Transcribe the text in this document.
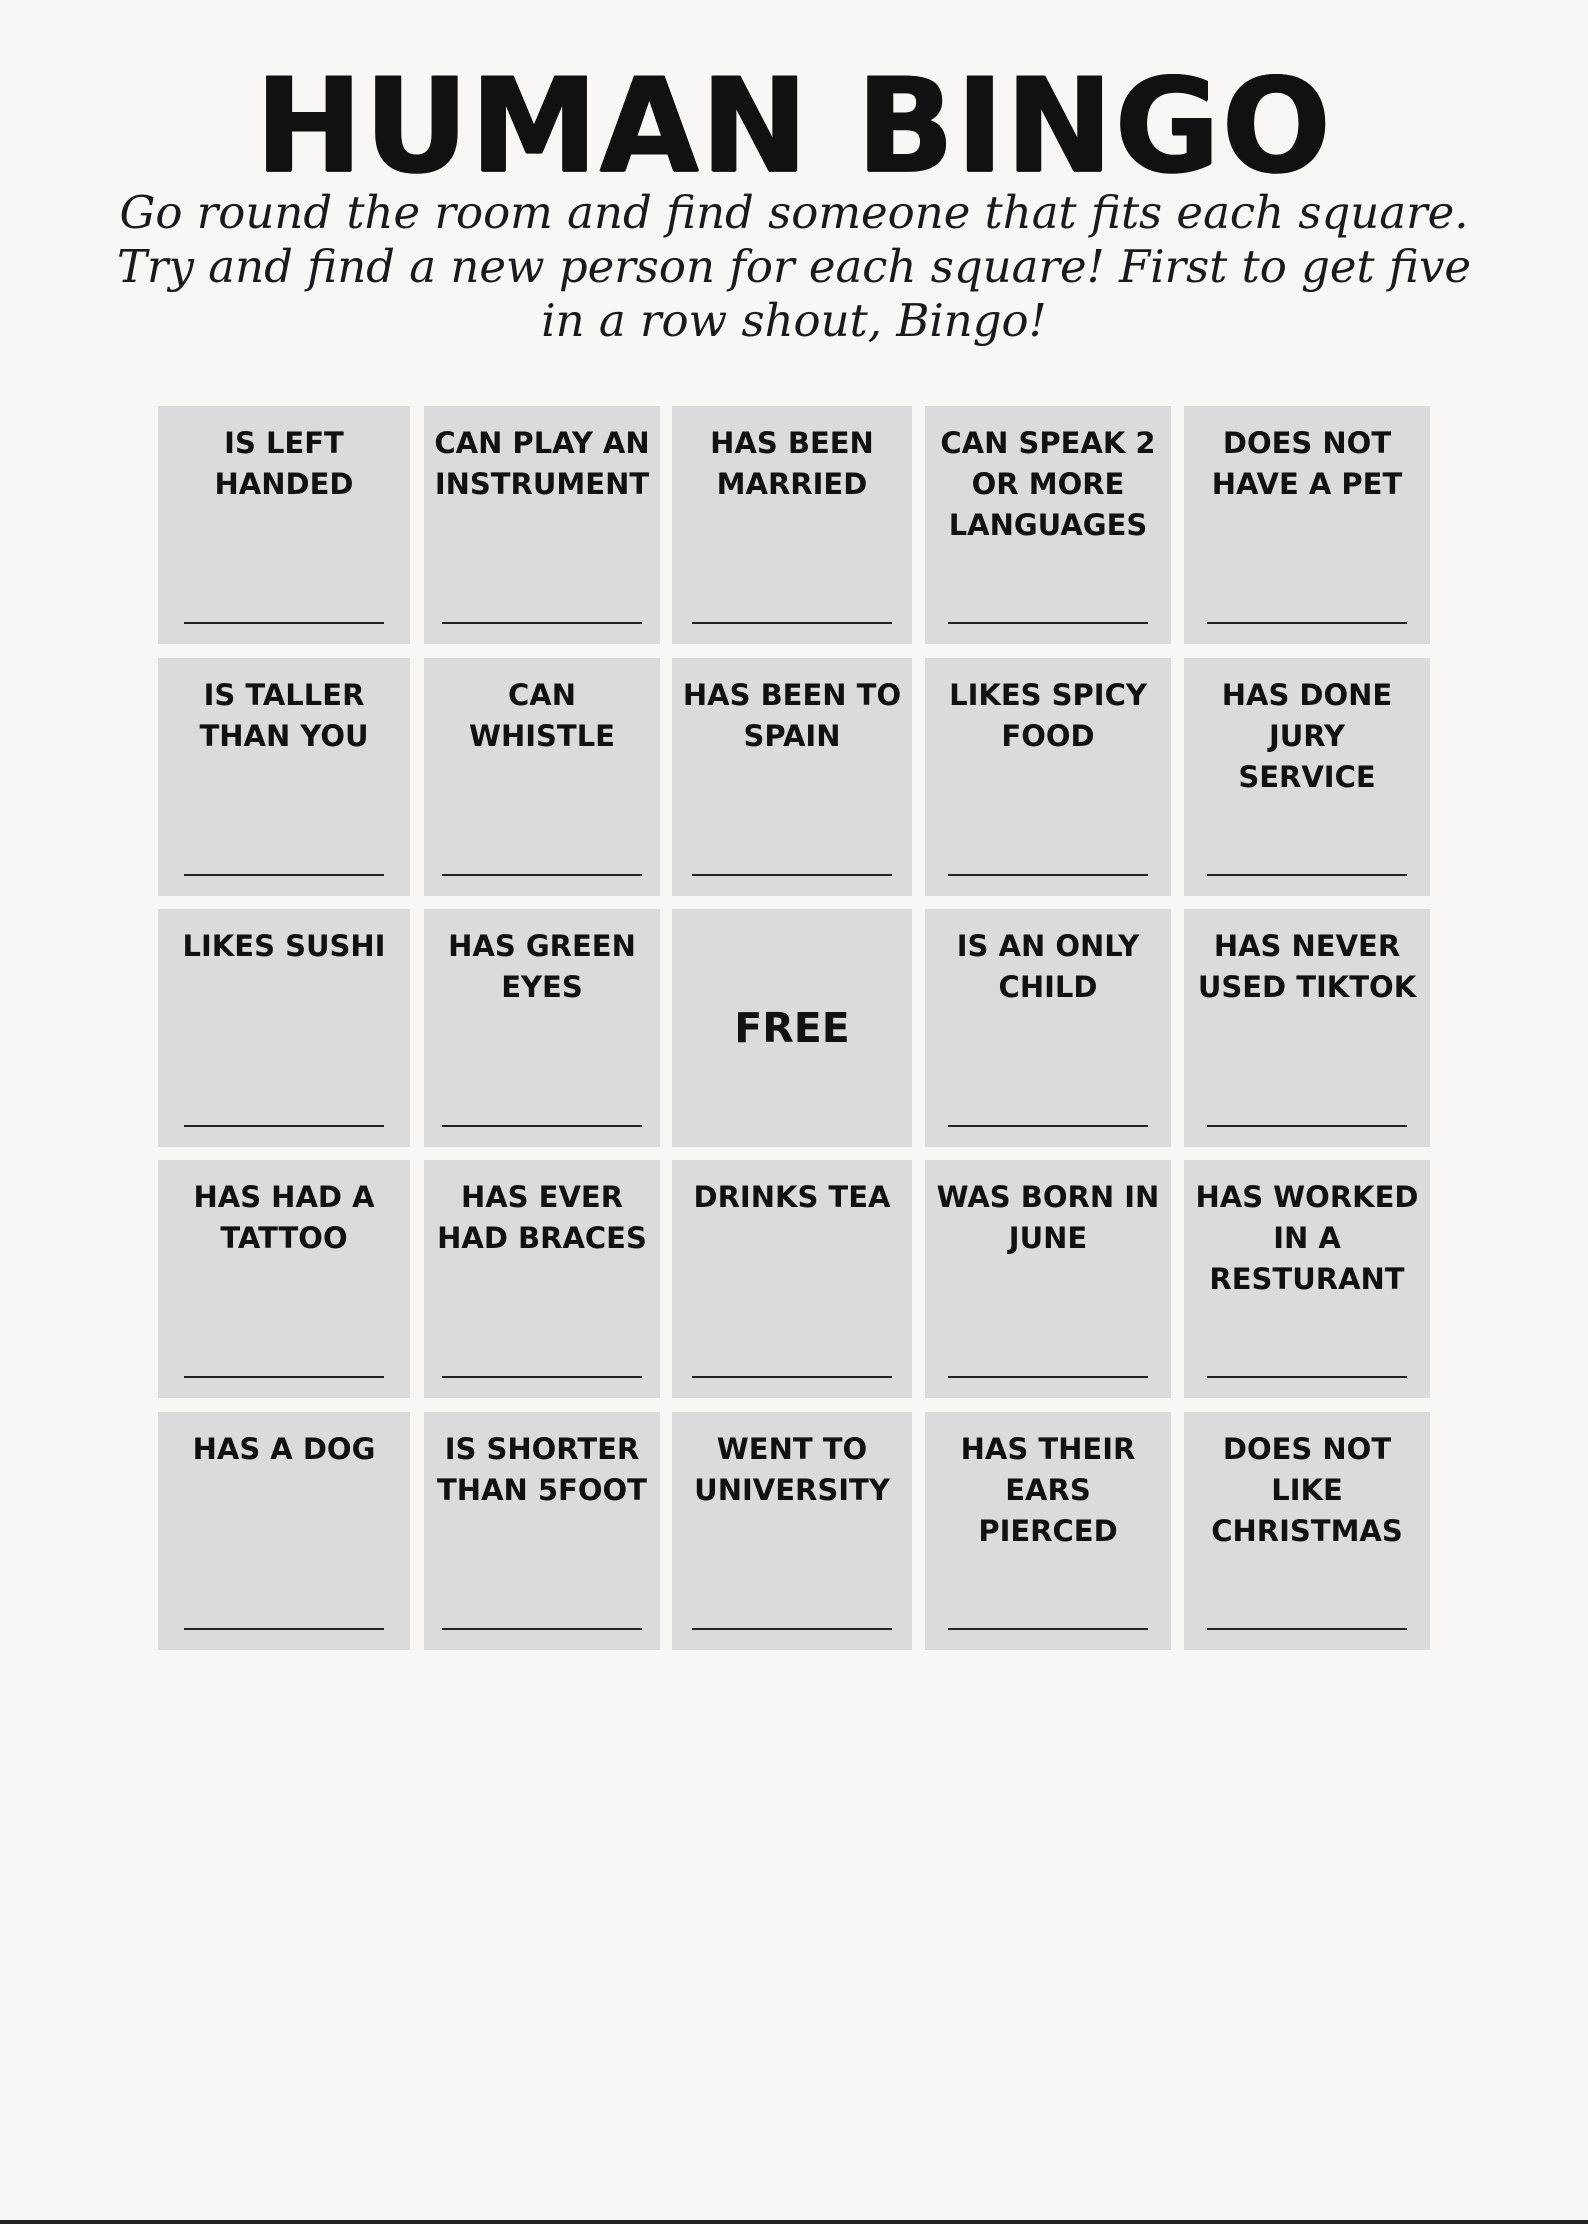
HUMAN BINGO

Go round the room and find someone that fits each square. Try and find a new person for each square! First to get five in a row shout, Bingo!

IS LEFT
HANDED
CAN PLAY AN
INSTRUMENT
HAS BEEN
MARRIED
CAN SPEAK 2
OR MORE
LANGUAGES
DOES NOT
HAVE A PET
IS TALLER
THAN YOU
CAN
WHISTLE
HAS BEEN TO
SPAIN
LIKES SPICY
FOOD
HAS DONE
JURY
SERVICE
LIKES SUSHI	HAS GREEN
EYES
FREE
IS AN ONLY
CHILD
HAS NEVER
USED TIKTOK
HAS HAD A
TATTOO
HAS EVER
HAD BRACES
DRINKS TEA	WAS BORN IN
JUNE
HAS WORKED
IN A
RESTURANT
HAS A DOG	IS SHORTER
THAN 5FOOT
WENT TO
UNIVERSITY
HAS THEIR
EARS
PIERCED
DOES NOT
LIKE
CHRISTMAS
